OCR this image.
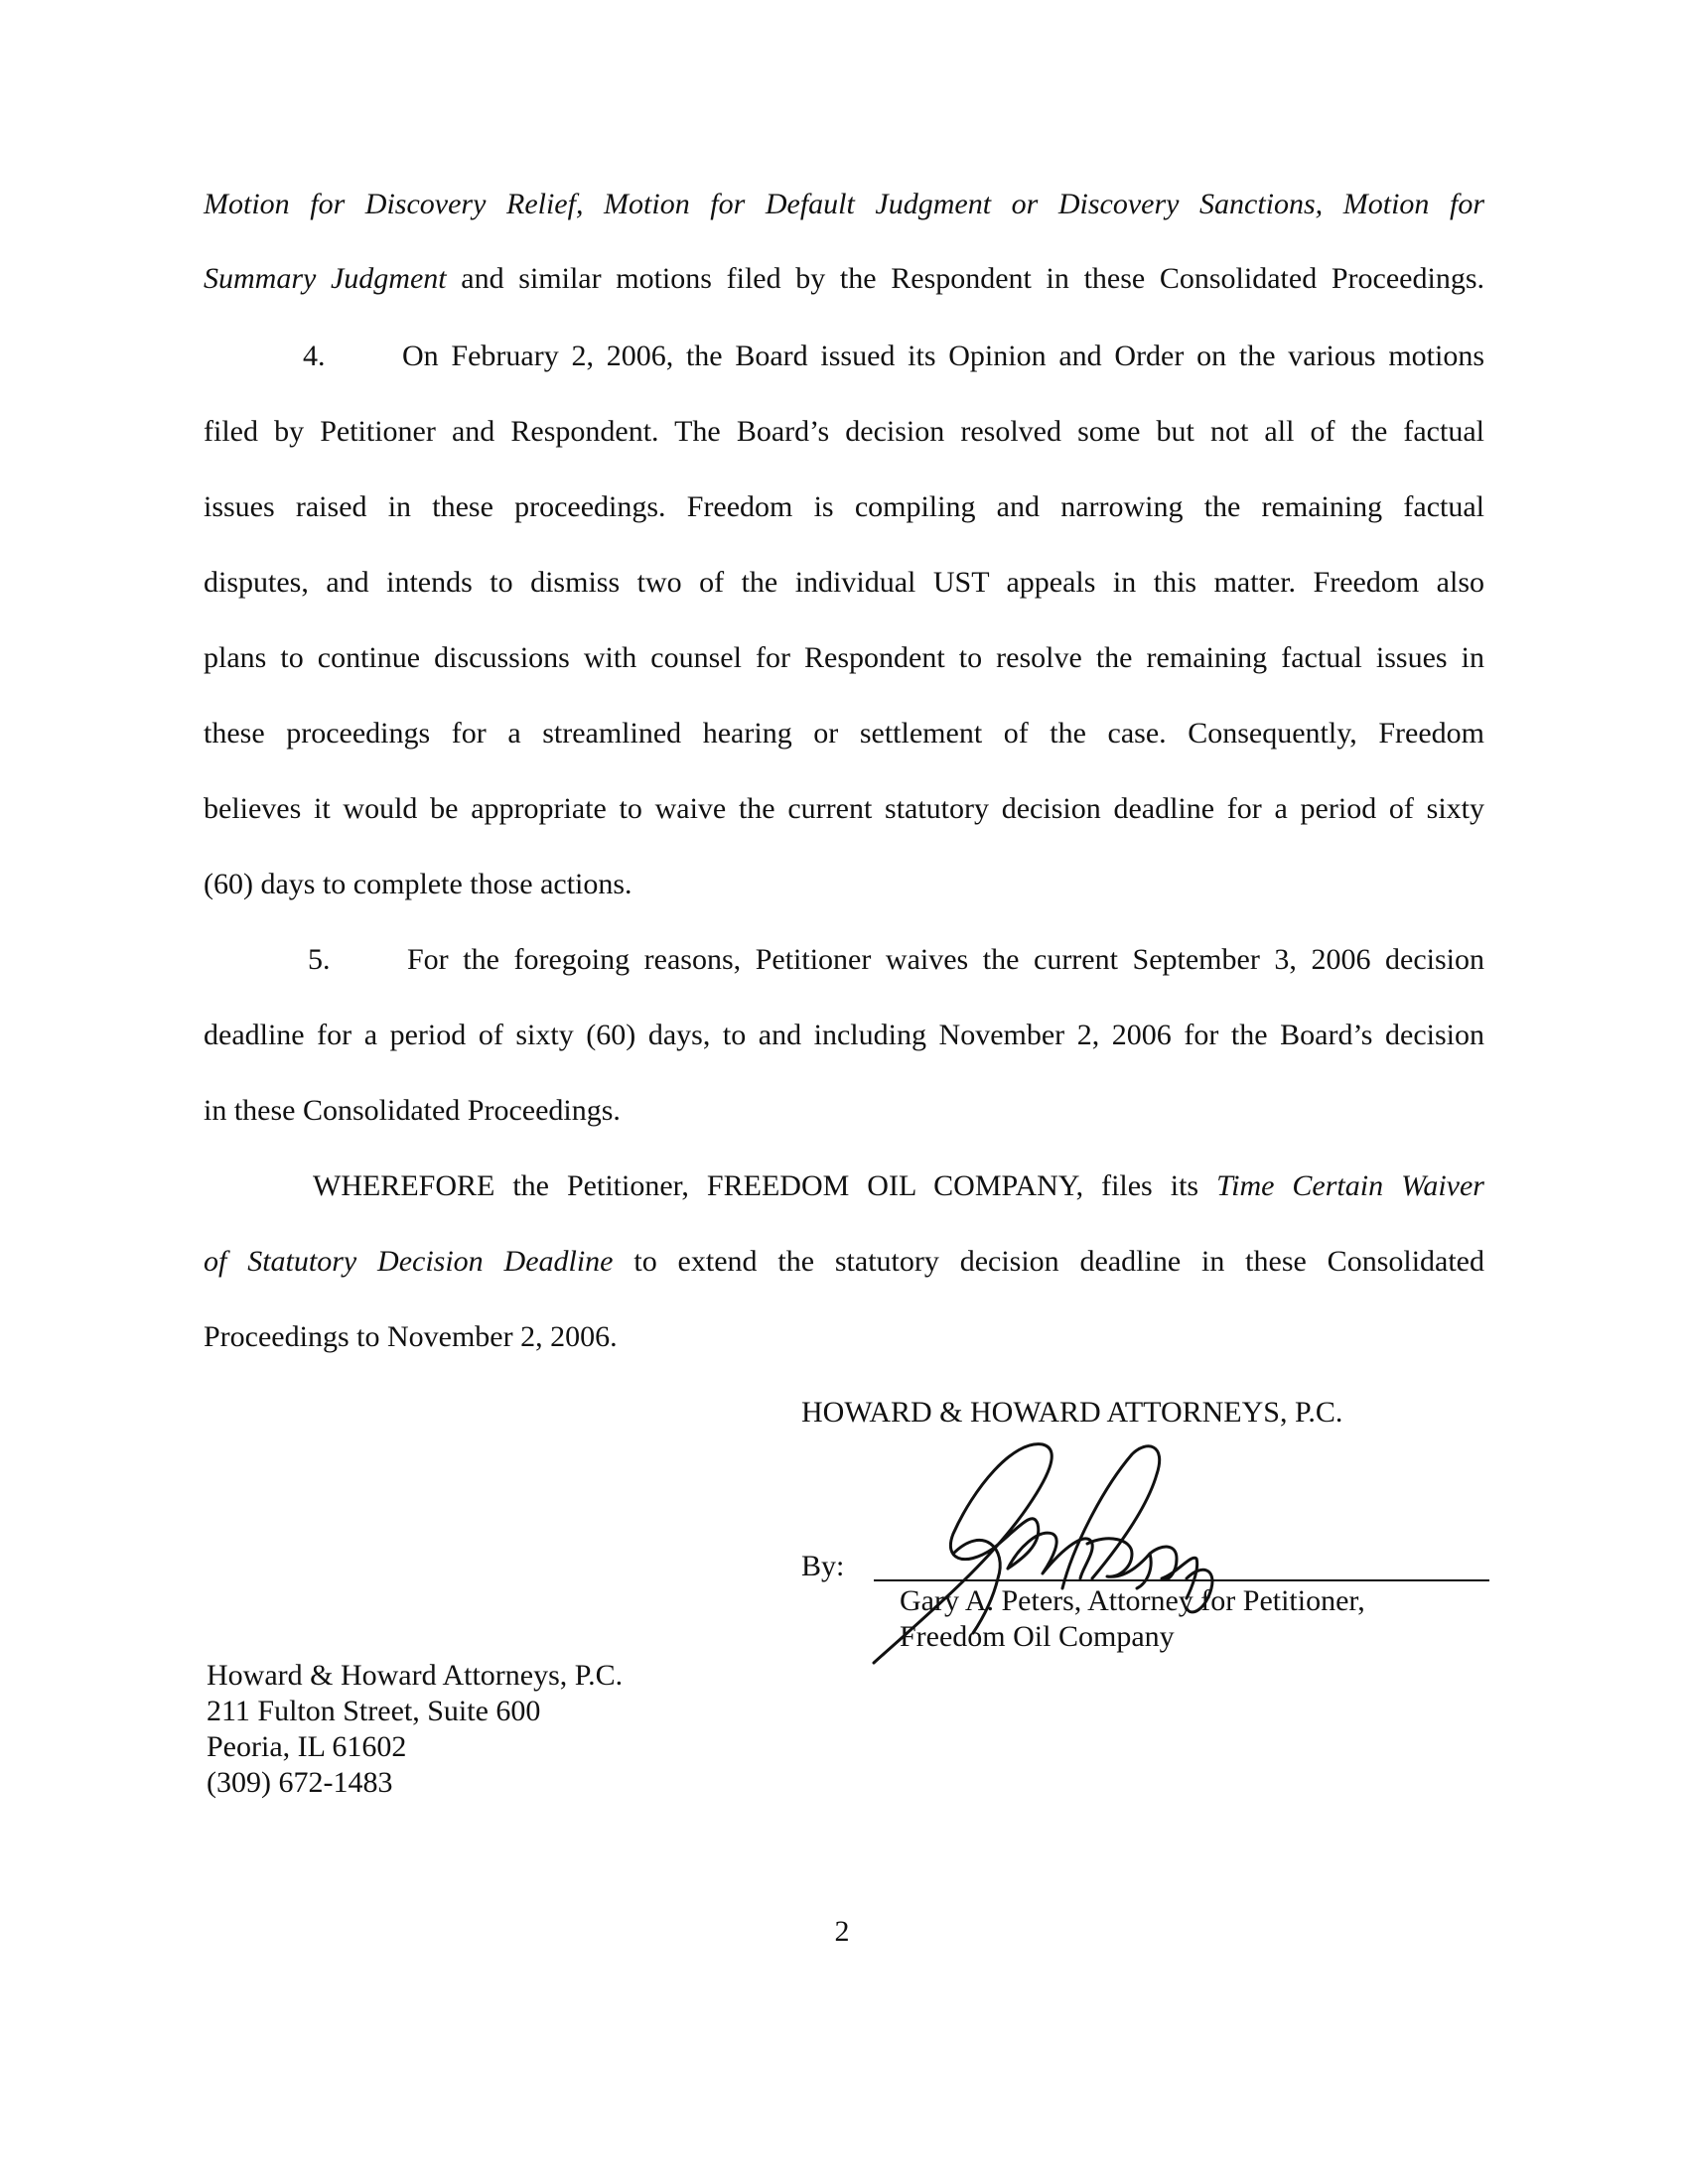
Motion for Discovery Relief, Motion for Default Judgment or Discovery Sanctions, Motion for
Summary Judgment and similar motions filed by the Respondent in these Consolidated Proceedings.
4.	On February 2, 2006, the Board issued its Opinion and Order on the various motions
filed by Petitioner and Respondent. The Board’s decision resolved some but not all of the factual
issues raised in these proceedings. Freedom is compiling and narrowing the remaining factual
disputes, and intends to dismiss two of the individual UST appeals in this matter. Freedom also
plans to continue discussions with counsel for Respondent to resolve the remaining factual issues in
these proceedings for a streamlined hearing or settlement of the case. Consequently, Freedom
believes it would be appropriate to waive the current statutory decision deadline for a period of sixty
(60) days to complete those actions.
5.	For the foregoing reasons, Petitioner waives the current September 3, 2006 decision
deadline for a period of sixty (60) days, to and including November 2, 2006 for the Board’s decision
in these Consolidated Proceedings.
WHEREFORE the Petitioner, FREEDOM OIL COMPANY, files its Time Certain Waiver
of Statutory Decision Deadline to extend the statutory decision deadline in these Consolidated
Proceedings to November 2, 2006.
HOWARD & HOWARD ATTORNEYS, P.C.
By:
Gary A. Peters, Attorney for Petitioner,
Freedom Oil Company
Howard & Howard Attorneys, P.C.
211 Fulton Street, Suite 600
Peoria, IL 61602
(309) 672-1483
2
